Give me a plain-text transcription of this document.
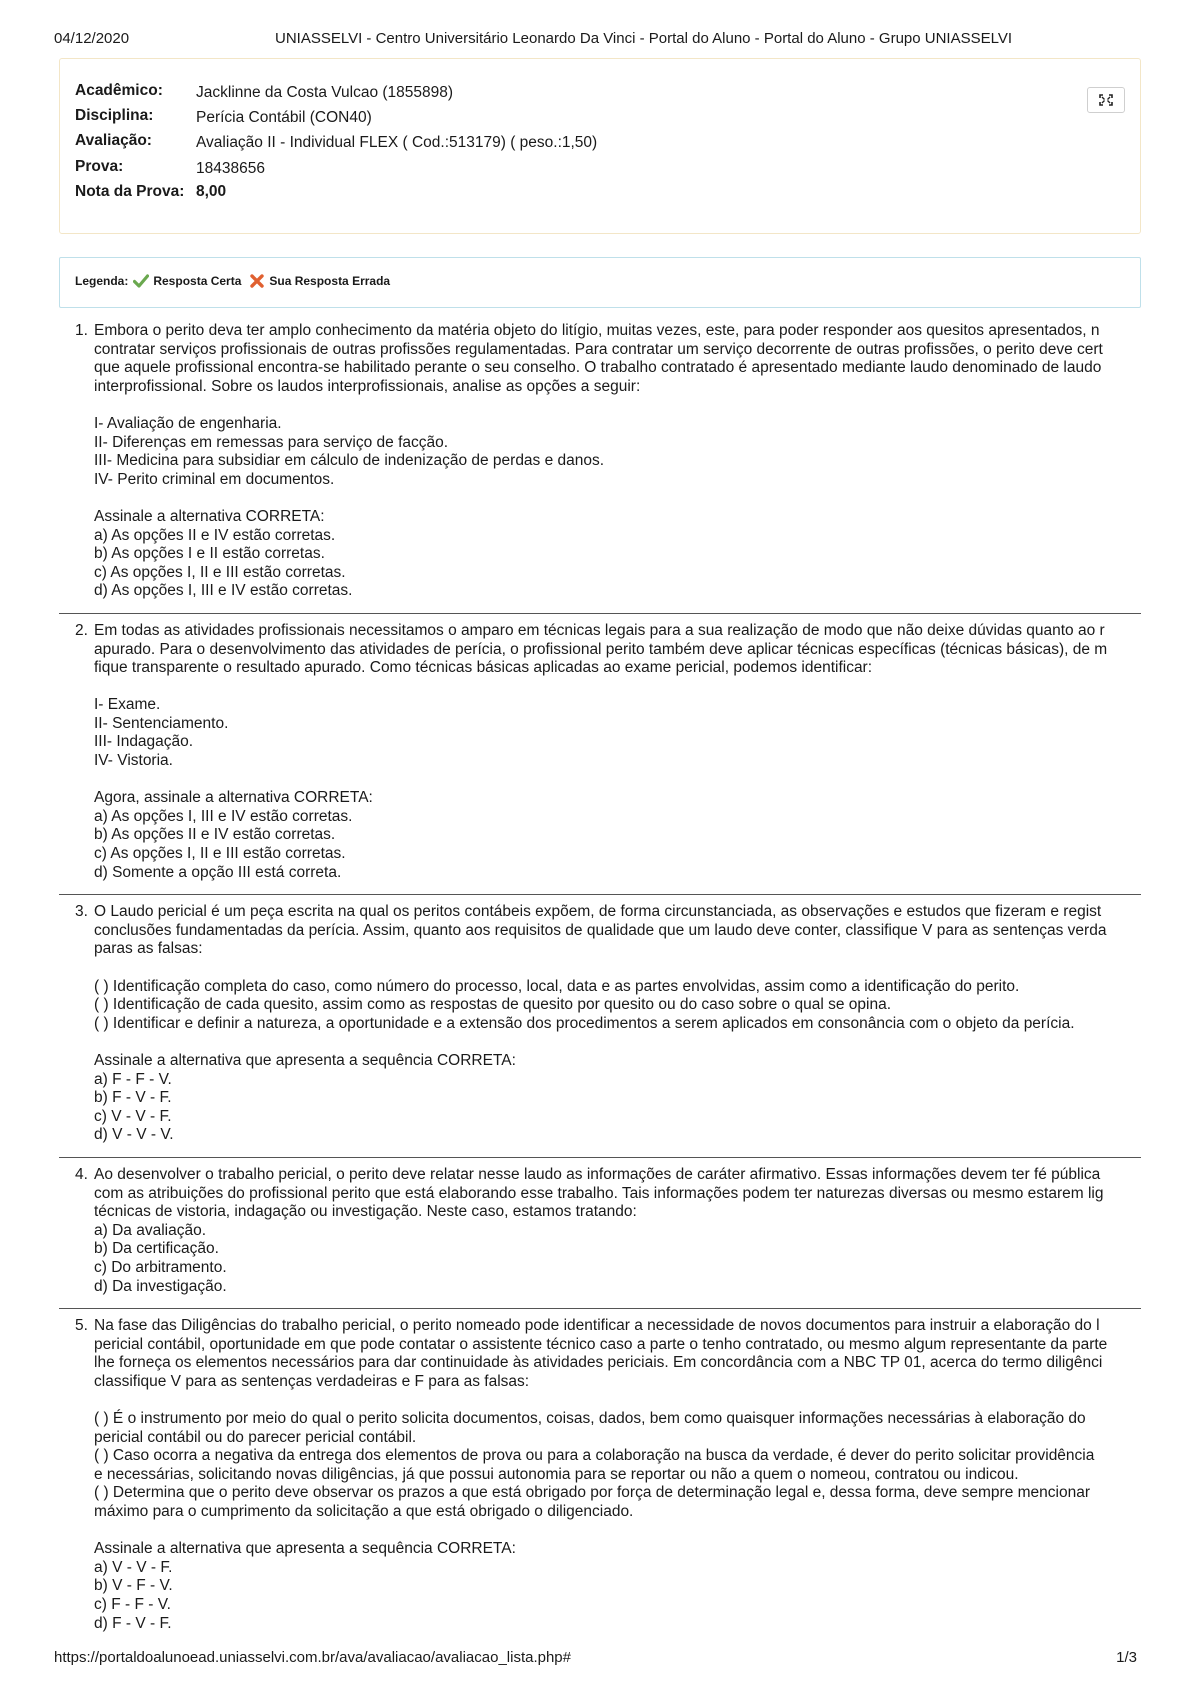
04/12/2020	UNIASSELVI - Centro Universitário Leonardo Da Vinci - Portal do Aluno - Portal do Aluno - Grupo UNIASSELVI
Acadêmico: Jacklinne da Costa Vulcao (1855898)
Disciplina:	Perícia Contábil (CON40)
Avaliação:	Avaliação II - Individual FLEX ( Cod.:513179) ( peso.:1,50)
Prova:	18438656
Nota da Prova: 8,00
Legenda: Resposta Certa Sua Resposta Errada
1. Embora o perito deva ter amplo conhecimento da matéria objeto do litígio, muitas vezes, este, para poder responder aos quesitos apresentados, n
contratar serviços profissionais de outras profissões regulamentadas. Para contratar um serviço decorrente de outras profissões, o perito deve cert
que aquele profissional encontra-se habilitado perante o seu conselho. O trabalho contratado é apresentado mediante laudo denominado de laudo
interprofissional. Sobre os laudos interprofissionais, analise as opções a seguir:
I- Avaliação de engenharia.
II- Diferenças em remessas para serviço de facção.
III- Medicina para subsidiar em cálculo de indenização de perdas e danos.
IV- Perito criminal em documentos.
Assinale a alternativa CORRETA:
a) As opções II e IV estão corretas.
b) As opções I e II estão corretas.
c) As opções I, II e III estão corretas.
d) As opções I, III e IV estão corretas.
2. Em todas as atividades profissionais necessitamos o amparo em técnicas legais para a sua realização de modo que não deixe dúvidas quanto ao r
apurado. Para o desenvolvimento das atividades de perícia, o profissional perito também deve aplicar técnicas específicas (técnicas básicas), de m
fique transparente o resultado apurado. Como técnicas básicas aplicadas ao exame pericial, podemos identificar:
I- Exame.
II- Sentenciamento.
III- Indagação.
IV- Vistoria.
Agora, assinale a alternativa CORRETA:
a) As opções I, III e IV estão corretas.
b) As opções II e IV estão corretas.
c) As opções I, II e III estão corretas.
d) Somente a opção III está correta.
3. O Laudo pericial é um peça escrita na qual os peritos contábeis expõem, de forma circunstanciada, as observações e estudos que fizeram e regist
conclusões fundamentadas da perícia. Assim, quanto aos requisitos de qualidade que um laudo deve conter, classifique V para as sentenças verda
paras as falsas:
( ) Identificação completa do caso, como número do processo, local, data e as partes envolvidas, assim como a identificação do perito.
( ) Identificação de cada quesito, assim como as respostas de quesito por quesito ou do caso sobre o qual se opina.
( ) Identificar e definir a natureza, a oportunidade e a extensão dos procedimentos a serem aplicados em consonância com o objeto da perícia.
Assinale a alternativa que apresenta a sequência CORRETA:
a) F - F - V.
b) F - V - F.
c) V - V - F.
d) V - V - V.
4. Ao desenvolver o trabalho pericial, o perito deve relatar nesse laudo as informações de caráter afirmativo. Essas informações devem ter fé pública
com as atribuições do profissional perito que está elaborando esse trabalho. Tais informações podem ter naturezas diversas ou mesmo estarem lig
técnicas de vistoria, indagação ou investigação. Neste caso, estamos tratando:
a) Da avaliação.
b) Da certificação.
c) Do arbitramento.
d) Da investigação.
5. Na fase das Diligências do trabalho pericial, o perito nomeado pode identificar a necessidade de novos documentos para instruir a elaboração do l
pericial contábil, oportunidade em que pode contatar o assistente técnico caso a parte o tenho contratado, ou mesmo algum representante da parte
lhe forneça os elementos necessários para dar continuidade às atividades periciais. Em concordância com a NBC TP 01, acerca do termo diligênci
classifique V para as sentenças verdadeiras e F para as falsas:
( ) É o instrumento por meio do qual o perito solicita documentos, coisas, dados, bem como quaisquer informações necessárias à elaboração do
pericial contábil ou do parecer pericial contábil.
( ) Caso ocorra a negativa da entrega dos elementos de prova ou para a colaboração na busca da verdade, é dever do perito solicitar providência
e necessárias, solicitando novas diligências, já que possui autonomia para se reportar ou não a quem o nomeou, contratou ou indicou.
( ) Determina que o perito deve observar os prazos a que está obrigado por força de determinação legal e, dessa forma, deve sempre mencionar
máximo para o cumprimento da solicitação a que está obrigado o diligenciado.
Assinale a alternativa que apresenta a sequência CORRETA:
a) V - V - F.
b) V - F - V.
c) F - F - V.
d) F - V - F.
https://portaldoalunoead.uniasselvi.com.br/ava/avaliacao/avaliacao_lista.php#	1/3
